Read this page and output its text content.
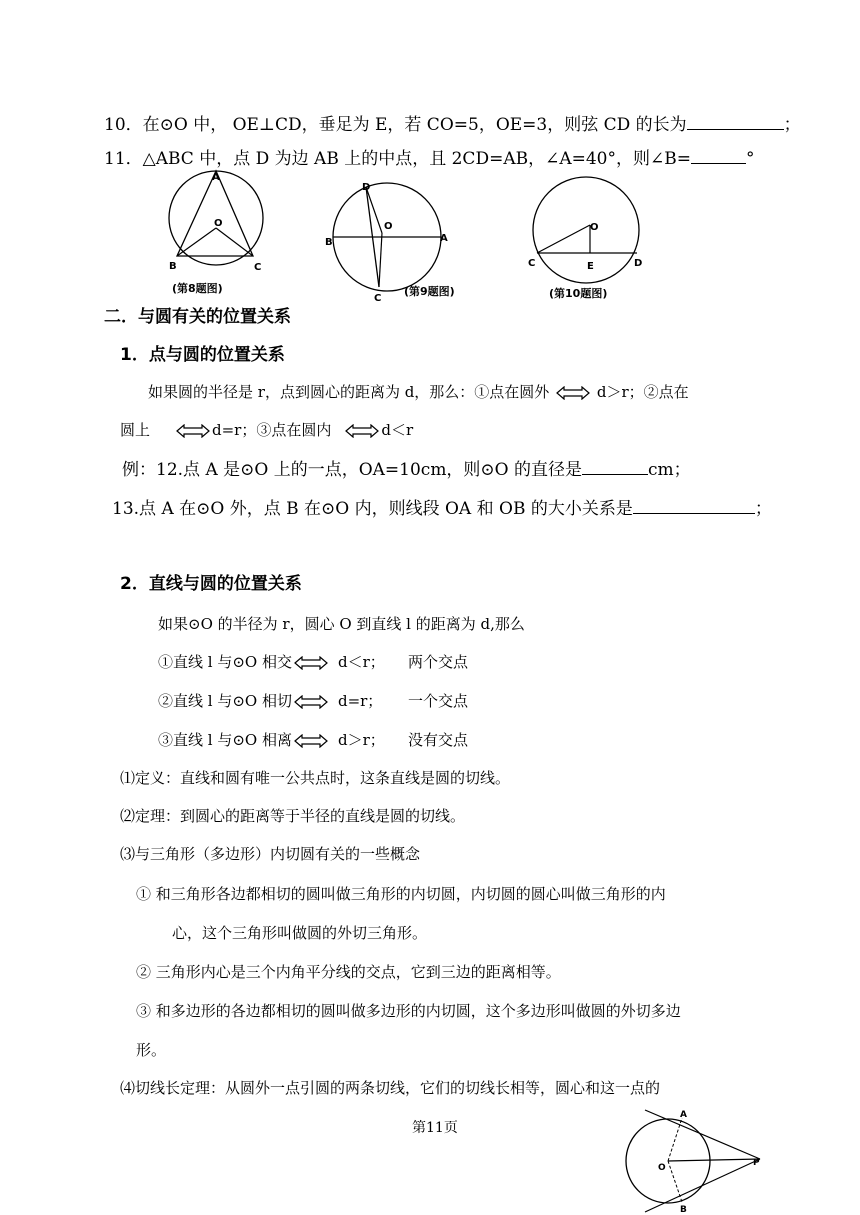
10．在⊙O 中， OE⊥CD，垂足为 E，若 CO=5，OE=3，则弦 CD 的长为	；
11．△ABC 中，点 D 为边 AB 上的中点，且 2CD=AB，∠A=40°，则∠B=	°
A
O
B	C
(第8题图)
D
O
B	A
C
(第9题图)
O
C	E	D
(第10题图)
二．与圆有关的位置关系
1．点与圆的位置关系
如果圆的半径是 r，点到圆心的距离为 d，那么：①点在圆外	d＞r；②点在
圆上	d=r；③点在圆内	d＜r
例：12.点 A 是⊙O 上的一点，OA=10cm，则⊙O 的直径是	cm；
13.点 A 在⊙O 外，点 B 在⊙O 内，则线段 OA 和 OB 的大小关系是	；
2．直线与圆的位置关系
如果⊙O 的半径为 r，圆心 O 到直线 l 的距离为 d,那么
①直线 l 与⊙O 相交	d＜r； 两个交点
②直线 l 与⊙O 相切	d=r； 一个交点
③直线 l 与⊙O 相离	d＞r； 没有交点
⑴定义：直线和圆有唯一公共点时，这条直线是圆的切线。
⑵定理：到圆心的距离等于半径的直线是圆的切线。
⑶与三角形（多边形）内切圆有关的一些概念
① 和三角形各边都相切的圆叫做三角形的内切圆，内切圆的圆心叫做三角形的内
心，这个三角形叫做圆的外切三角形。
② 三角形内心是三个内角平分线的交点，它到三边的距离相等。
③ 和多边形的各边都相切的圆叫做多边形的内切圆，这个多边形叫做圆的外切多边
形。
⑷切线长定理：从圆外一点引圆的两条切线，它们的切线长相等，圆心和这一点的
第11页
A
O	P
B
